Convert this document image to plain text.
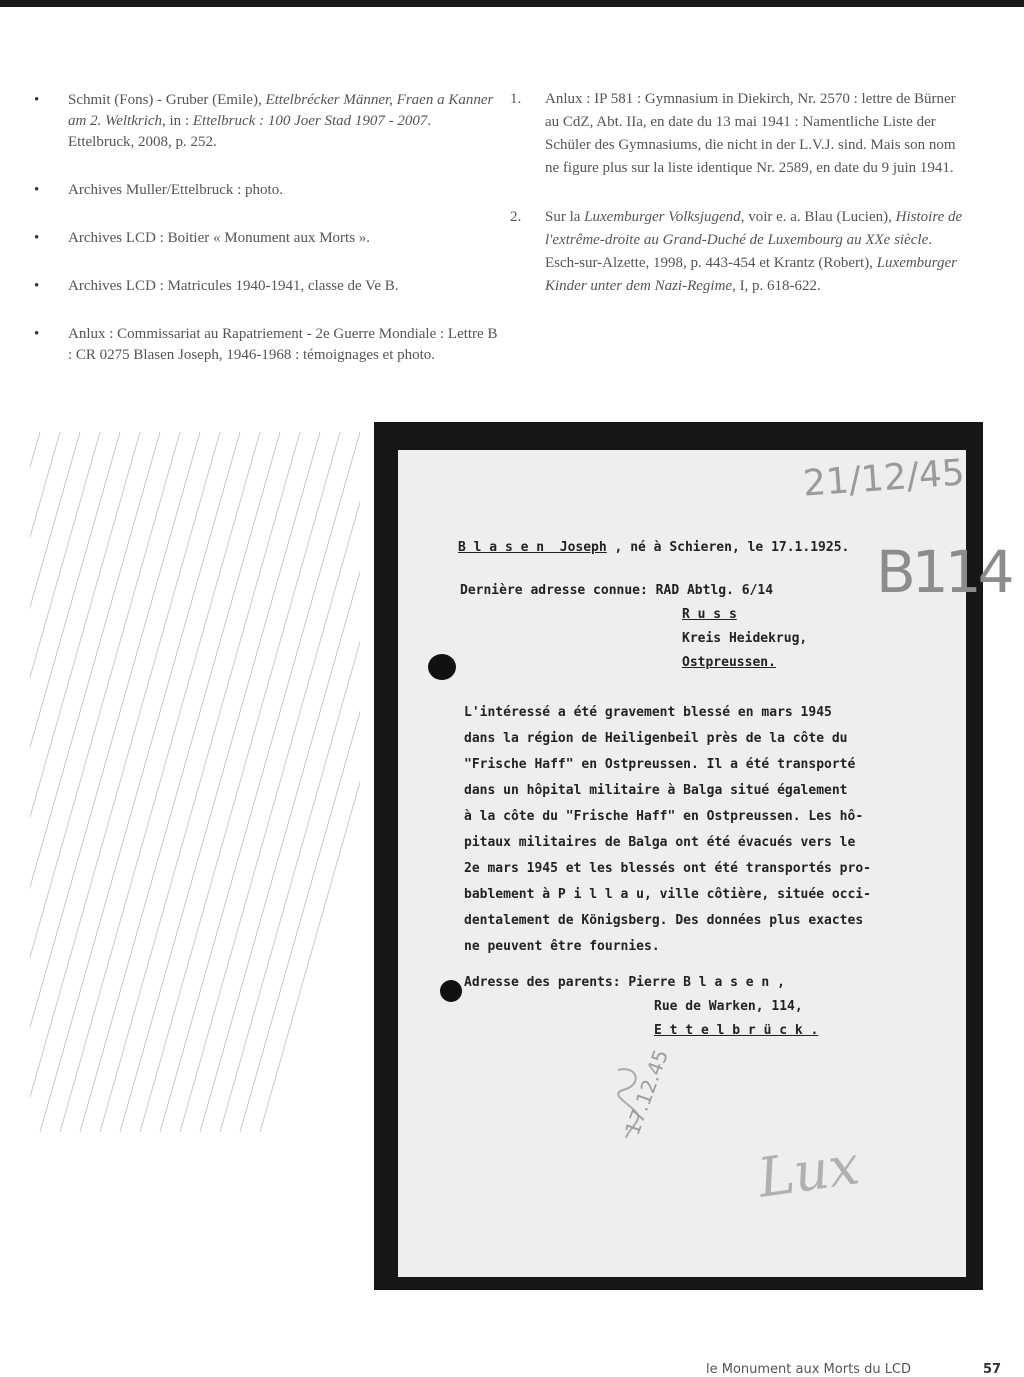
• Schmit (Fons) - Gruber (Emile), Ettelbrécker Männer, Fraen a Kanner am 2. Weltkrich, in : Ettelbruck : 100 Joer Stad 1907 - 2007. Ettelbruck, 2008, p. 252.
• Archives Muller/Ettelbruck : photo.
• Archives LCD : Boitier « Monument aux Morts ».
• Archives LCD : Matricules 1940-1941, classe de Ve B.
• Anlux : Commissariat au Rapatriement - 2e Guerre Mondiale : Lettre B : CR 0275 Blasen Joseph, 1946-1968 : témoignages et photo.
1. Anlux : IP 581 : Gymnasium in Diekirch, Nr. 2570 : lettre de Bürner au CdZ, Abt. IIa, en date du 13 mai 1941 : Namentliche Liste der Schüler des Gymnasiums, die nicht in der L.V.J. sind. Mais son nom ne figure plus sur la liste identique Nr. 2589, en date du 9 juin 1941.
2. Sur la Luxemburger Volksjugend, voir e. a. Blau (Lucien), Histoire de l'extrême-droite au Grand-Duché de Luxembourg au XXe siècle. Esch-sur-Alzette, 1998, p. 443-454 et Krantz (Robert), Luxemburger Kinder unter dem Nazi-Regime, I, p. 618-622.
21/12/45
B114
B l a s e n  Joseph , né à Schieren, le 17.1.1925.
Dernière adresse connue: RAD Abtlg. 6/14
R u s s
Kreis Heidekrug,
Ostpreussen.
L'intéressé a été gravement blessé en mars 1945
dans la région de Heiligenbeil près de la côte du
"Frische Haff" en Ostpreussen. Il a été transporté
dans un hôpital militaire à Balga situé également
à la côte du "Frische Haff" en Ostpreussen. Les hô-
pitaux militaires de Balga ont été évacués vers le
2e mars 1945 et les blessés ont été transportés pro-
bablement à P i l l a u, ville côtière, située occi-
dentalement de Königsberg. Des données plus exactes
ne peuvent être fournies.
Adresse des parents: Pierre B l a s e n ,
Rue de Warken, 114,
E t t e l b r ü c k .
17.12.45
Lux
le Monument aux Morts du LCD	57
